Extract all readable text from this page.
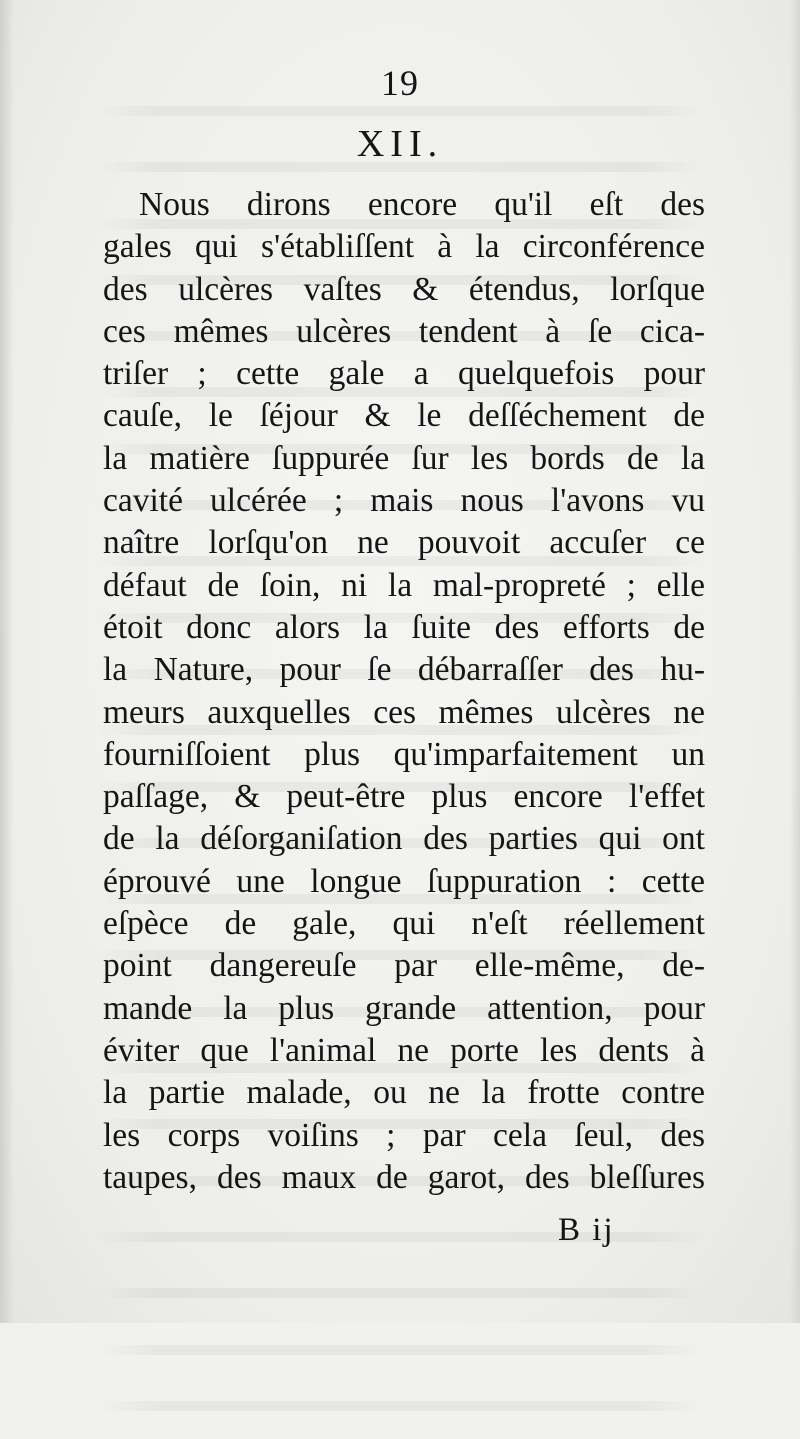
19
XII.
Nous dirons encore qu'il eſt des
gales qui s'établiſſent à la circonférence
des ulcères vaſtes & étendus, lorſque
ces mêmes ulcères tendent à ſe cica-
triſer ; cette gale a quelquefois pour
cauſe, le ſéjour & le deſſéchement de
la matière ſuppurée ſur les bords de la
cavité ulcérée ; mais nous l'avons vu
naître lorſqu'on ne pouvoit accuſer ce
défaut de ſoin, ni la mal-propreté ; elle
étoit donc alors la ſuite des efforts de
la Nature, pour ſe débarraſſer des hu-
meurs auxquelles ces mêmes ulcères ne
fourniſſoient plus qu'imparfaitement un
paſſage, & peut-être plus encore l'effet
de la déſorganiſation des parties qui ont
éprouvé une longue ſuppuration : cette
eſpèce de gale, qui n'eſt réellement
point dangereuſe par elle-même, de-
mande la plus grande attention, pour
éviter que l'animal ne porte les dents à
la partie malade, ou ne la frotte contre
les corps voiſins ; par cela ſeul, des
taupes, des maux de garot, des bleſſures
B ij
